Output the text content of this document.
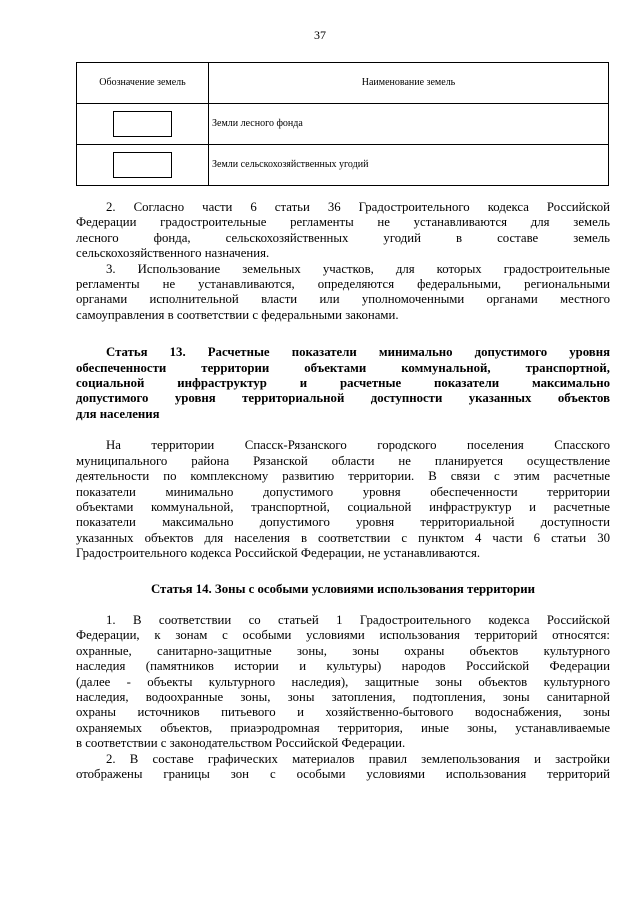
37
Обозначение земель	Наименование земель

	Земли лесного фонда

	Земли сельскохозяйственных угодий
2. Согласно части 6 статьи 36 Градостроительного кодекса Российской
Федерации градостроительные регламенты не устанавливаются для земель
лесного фонда, сельскохозяйственных угодий в составе земель
сельскохозяйственного назначения.
3. Использование земельных участков, для которых градостроительные
регламенты не устанавливаются, определяются федеральными, региональными
органами исполнительной власти или уполномоченными органами местного
самоуправления в соответствии с федеральными законами.
Статья 13. Расчетные показатели минимально допустимого уровня
обеспеченности территории объектами коммунальной, транспортной,
социальной инфраструктур и расчетные показатели максимально
допустимого уровня территориальной доступности указанных объектов
для населения
На территории Спасск-Рязанского городского поселения Спасского
муниципального района Рязанской области не планируется осуществление
деятельности по комплексному развитию территории. В связи с этим расчетные
показатели минимально допустимого уровня обеспеченности территории
объектами коммунальной, транспортной, социальной инфраструктур и расчетные
показатели максимально допустимого уровня территориальной доступности
указанных объектов для населения в соответствии с пунктом 4 части 6 статьи 30
Градостроительного кодекса Российской Федерации, не устанавливаются.
Статья 14. Зоны с особыми условиями использования территории
1. В соответствии со статьей 1 Градостроительного кодекса Российской
Федерации, к зонам с особыми условиями использования территорий относятся:
охранные, санитарно-защитные зоны, зоны охраны объектов культурного
наследия (памятников истории и культуры) народов Российской Федерации
(далее - объекты культурного наследия), защитные зоны объектов культурного
наследия, водоохранные зоны, зоны затопления, подтопления, зоны санитарной
охраны источников питьевого и хозяйственно-бытового водоснабжения, зоны
охраняемых объектов, приаэродромная территория, иные зоны, устанавливаемые
в соответствии с законодательством Российской Федерации.
2. В составе графических материалов правил землепользования и застройки
отображены границы зон с особыми условиями использования территорий
